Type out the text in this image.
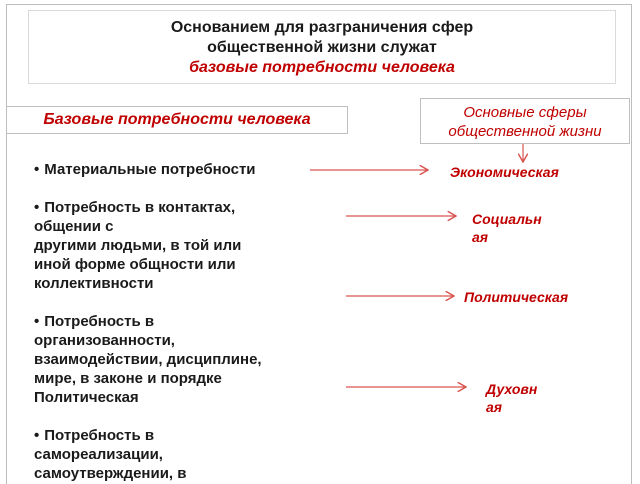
Основанием для разграничения сфер
общественной жизни служат
базовые потребности человека
Базовые потребности человека	Основные сферы
общественной жизни
• Материальные потребности
• Потребность в контактах,
общении с
другими людьми, в той или
иной форме общности или
коллективности
• Потребность в
организованности,
взаимодействии, дисциплине,
мире, в законе и порядке
Политическая
• Потребность в
самореализации,
самоутверждении, в
Экономическая
Социальн
ая
Политическая
Духовн
ая
